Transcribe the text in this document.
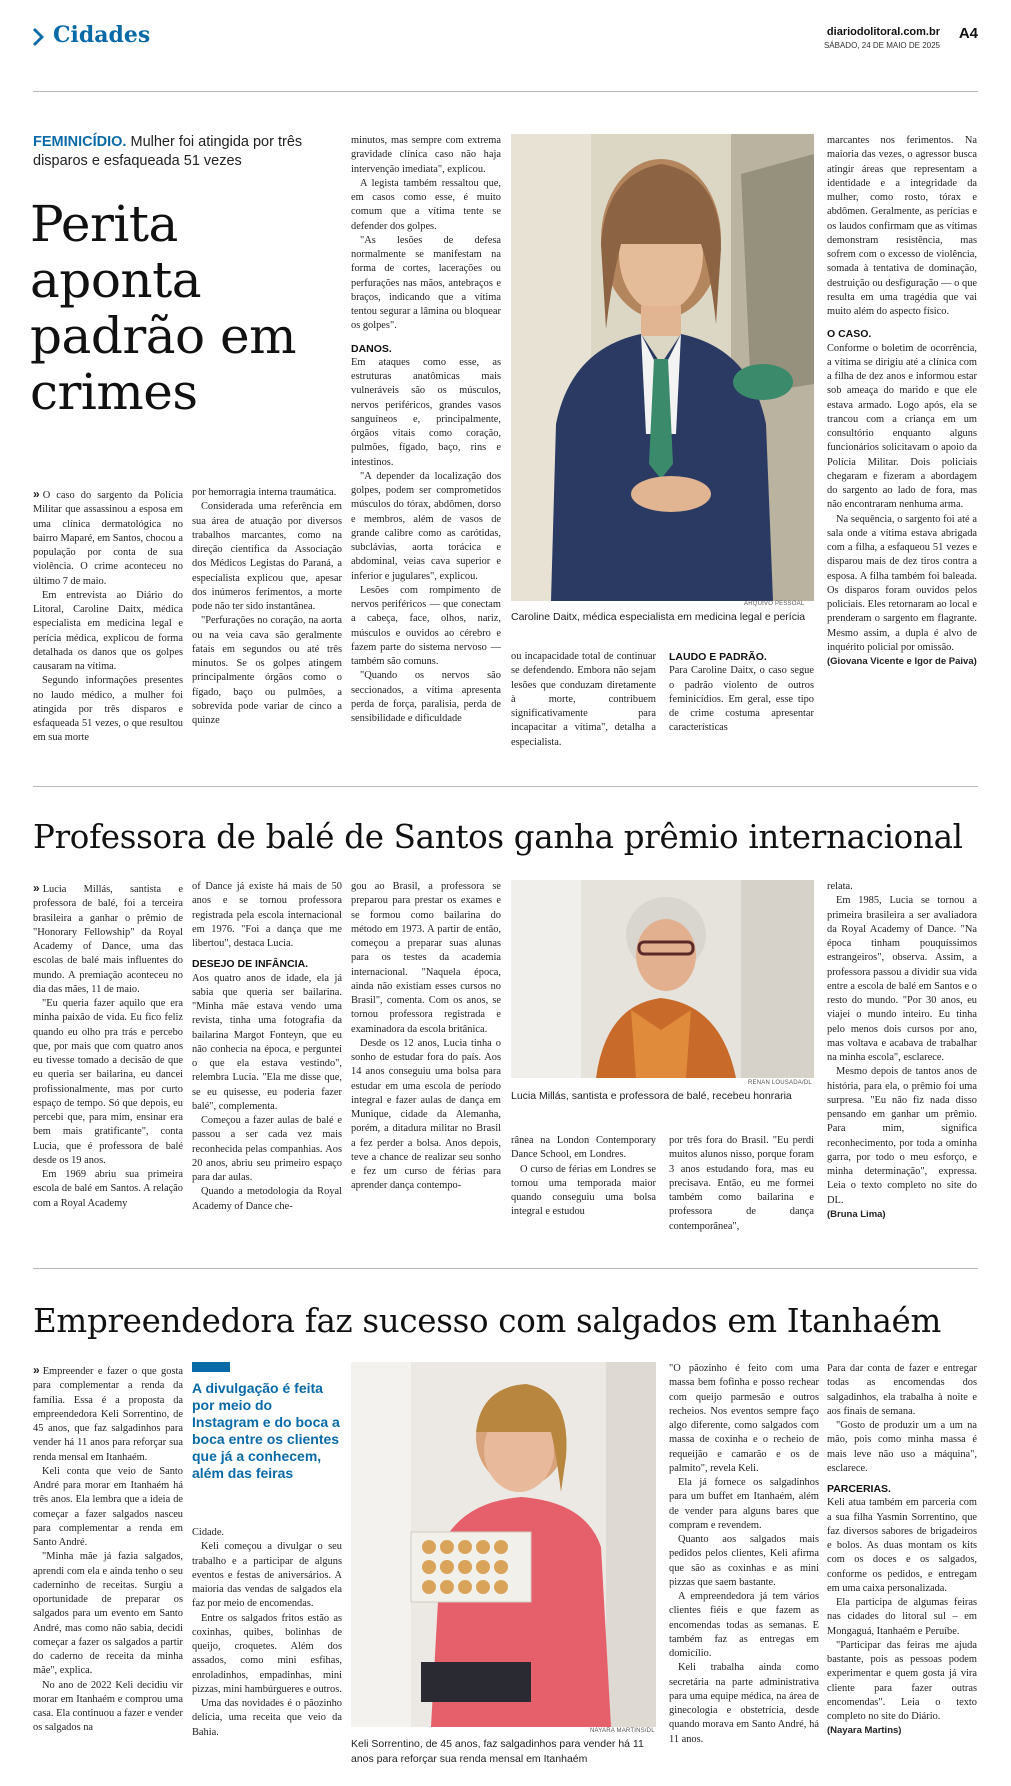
Cidades	diariodolitoral.com.br
SÁBADO, 24 DE MAIO DE 2025
A4
FEMINICÍDIO. Mulher foi atingida por três
disparos e esfaqueada 51 vezes
Perita
aponta
padrão em
crimes

» O caso do sargento da Polícia Militar que assassinou a esposa em uma clínica dermatológica no bairro Maparé, em Santos, chocou a população por conta de sua violência. O crime aconteceu no último 7 de maio.

Em entrevista ao Diário do Litoral, Caroline Daitx, médica especialista em medicina legal e perícia médica, explicou de forma detalhada os danos que os golpes causaram na vítima.

Segundo informações presentes no laudo médico, a mulher foi atingida por três disparos e esfaqueada 51 vezes, o que resultou em sua morte

por hemorragia interna traumática.

Considerada uma referência em sua área de atuação por diversos trabalhos marcantes, como na direção científica da Associação dos Médicos Legistas do Paraná, a especialista explicou que, apesar dos inúmeros ferimentos, a morte pode não ter sido instantânea.

"Perfurações no coração, na aorta ou na veia cava são geralmente fatais em segundos ou até três minutos. Se os golpes atingem principalmente órgãos como o fígado, baço ou pulmões, a sobrevida pode variar de cinco a quinze

minutos, mas sempre com extrema gravidade clínica caso não haja intervenção imediata", explicou.

A legista também ressaltou que, em casos como esse, é muito comum que a vítima tente se defender dos golpes.

"As lesões de defesa normalmente se manifestam na forma de cortes, lacerações ou perfurações nas mãos, antebraços e braços, indicando que a vítima tentou segurar a lâmina ou bloquear os golpes".

DANOS.

Em ataques como esse, as estruturas anatômicas mais vulneráveis são os músculos, nervos periféricos, grandes vasos sanguíneos e, principalmente, órgãos vitais como coração, pulmões, fígado, baço, rins e intestinos.

"A depender da localização dos golpes, podem ser comprometidos músculos do tórax, abdômen, dorso e membros, além de vasos de grande calibre como as carótidas, subclávias, aorta torácica e abdominal, veias cava superior e inferior e jugulares", explicou.

Lesões com rompimento de nervos periféricos — que conectam a cabeça, face, olhos, nariz, músculos e ouvidos ao cérebro e fazem parte do sistema nervoso — também são comuns.

"Quando os nervos são seccionados, a vítima apresenta perda de força, paralisia, perda de sensibilidade e dificuldade

ARQUIVO PESSOAL
Caroline Daitx, médica especialista em medicina legal e perícia

ou incapacidade total de continuar se defendendo. Embora não sejam lesões que conduzam diretamente à morte, contribuem significativamente para incapacitar a vítima", detalha a especialista.

LAUDO E PADRÃO.

Para Caroline Daitx, o caso segue o padrão violento de outros feminicídios. Em geral, esse tipo de crime costuma apresentar características

marcantes nos ferimentos. Na maioria das vezes, o agressor busca atingir áreas que representam a identidade e a integridade da mulher, como rosto, tórax e abdômen. Geralmente, as perícias e os laudos confirmam que as vítimas demonstram resistência, mas sofrem com o excesso de violência, somada à tentativa de dominação, destruição ou desfiguração — o que resulta em uma tragédia que vai muito além do aspecto físico.

O CASO.

Conforme o boletim de ocorrência, a vítima se dirigiu até a clínica com a filha de dez anos e informou estar sob ameaça do marido e que ele estava armado. Logo após, ela se trancou com a criança em um consultório enquanto alguns funcionários solicitavam o apoio da Polícia Militar. Dois policiais chegaram e fizeram a abordagem do sargento ao lado de fora, mas não encontraram nenhuma arma.

Na sequência, o sargento foi até a sala onde a vítima estava abrigada com a filha, a esfaqueou 51 vezes e disparou mais de dez tiros contra a esposa. A filha também foi baleada. Os disparos foram ouvidos pelos policiais. Eles retornaram ao local e prenderam o sargento em flagrante. Mesmo assim, a dupla é alvo de inquérito policial por omissão.

(Giovana Vicente e Igor de Paiva)

Professora de balé de Santos ganha prêmio internacional

» Lucia Millás, santista e professora de balé, foi a terceira brasileira a ganhar o prêmio de "Honorary Fellowship" da Royal Academy of Dance, uma das escolas de balé mais influentes do mundo. A premiação aconteceu no dia das mães, 11 de maio.

"Eu queria fazer aquilo que era minha paixão de vida. Eu fico feliz quando eu olho pra trás e percebo que, por mais que com quatro anos eu tivesse tomado a decisão de que eu queria ser bailarina, eu dancei profissionalmente, mas por curto espaço de tempo. Só que depois, eu percebi que, para mim, ensinar era bem mais gratificante", conta Lucia, que é professora de balé desde os 19 anos.

Em 1969 abriu sua primeira escola de balé em Santos. A relação com a Royal Academy

of Dance já existe há mais de 50 anos e se tornou professora registrada pela escola internacional em 1976. "Foi a dança que me libertou", destaca Lucia.

DESEJO DE INFÂNCIA.

Aos quatro anos de idade, ela já sabia que queria ser bailarina. "Minha mãe estava vendo uma revista, tinha uma fotografia da bailarina Margot Fonteyn, que eu não conhecia na época, e perguntei o que ela estava vestindo", relembra Lucia. "Ela me disse que, se eu quisesse, eu poderia fazer balé", complementa.

Começou a fazer aulas de balé e passou a ser cada vez mais reconhecida pelas companhias. Aos 20 anos, abriu seu primeiro espaço para dar aulas.

Quando a metodologia da Royal Academy of Dance che-

gou ao Brasil, a professora se preparou para prestar os exames e se formou como bailarina do método em 1973. A partir de então, começou a preparar suas alunas para os testes da academia internacional. "Naquela época, ainda não existiam esses cursos no Brasil", comenta. Com os anos, se tornou professora registrada e examinadora da escola britânica.

Desde os 12 anos, Lucia tinha o sonho de estudar fora do país. Aos 14 anos conseguiu uma bolsa para estudar em uma escola de período integral e fazer aulas de dança em Munique, cidade da Alemanha, porém, a ditadura militar no Brasil a fez perder a bolsa. Anos depois, teve a chance de realizar seu sonho e fez um curso de férias para aprender dança contempo-

RENAN LOUSADA/DL
Lucia Millás, santista e professora de balé, recebeu honraria

rânea na London Contemporary Dance School, em Londres.

O curso de férias em Londres se tornou uma temporada maior quando conseguiu uma bolsa integral e estudou

por três fora do Brasil. "Eu perdi muitos alunos nisso, porque foram 3 anos estudando fora, mas eu precisava. Então, eu me formei também como bailarina e professora de dança contemporânea",

relata.

Em 1985, Lucia se tornou a primeira brasileira a ser avaliadora da Royal Academy of Dance. "Na época tinham pouquíssimos estrangeiros", observa. Assim, a professora passou a dividir sua vida entre a escola de balé em Santos e o resto do mundo. "Por 30 anos, eu viajei o mundo inteiro. Eu tinha pelo menos dois cursos por ano, mas voltava e acabava de trabalhar na minha escola", esclarece.

Mesmo depois de tantos anos de história, para ela, o prêmio foi uma surpresa. "Eu não fiz nada disso pensando em ganhar um prêmio. Para mim, significa reconhecimento, por toda a ominha garra, por todo o meu esforço, e minha determinação", expressa. Leia o texto completo no site do DL.

(Bruna Lima)

Empreendedora faz sucesso com salgados em Itanhaém

» Empreender e fazer o que gosta para complementar a renda da família. Essa é a proposta da empreendedora Keli Sorrentino, de 45 anos, que faz salgadinhos para vender há 11 anos para reforçar sua renda mensal em Itanhaém.

Keli conta que veio de Santo André para morar em Itanhaém há três anos. Ela lembra que a ideia de começar a fazer salgados nasceu para complementar a renda em Santo André.

"Minha mãe já fazia salgados, aprendi com ela e ainda tenho o seu caderninho de receitas. Surgiu a oportunidade de preparar os salgados para um evento em Santo André, mas como não sabia, decidi começar a fazer os salgados a partir do caderno de receita da minha mãe", explica.

No ano de 2022 Keli decidiu vir morar em Itanhaém e comprou uma casa. Ela continuou a fazer e vender os salgados na

A divulgação é feita por meio do Instagram e do boca a boca entre os clientes que já a conhecem, além das feiras

Cidade.

Keli começou a divulgar o seu trabalho e a participar de alguns eventos e festas de aniversários. A maioria das vendas de salgados ela faz por meio de encomendas.

Entre os salgados fritos estão as coxinhas, quibes, bolinhas de queijo, croquetes. Além dos assados, como mini esfihas, enroladinhos, empadinhas, mini pizzas, mini hambúrgueres e outros.

Uma das novidades é o pãozinho delícia, uma receita que veio da Bahia.	NAYARA MARTINS/DL
Keli Sorrentino, de 45 anos, faz salgadinhos para vender há 11
anos para reforçar sua renda mensal em Itanhaém

"O pãozinho é feito com uma massa bem fofinha e posso rechear com queijo parmesão e outros recheios. Nos eventos sempre faço algo diferente, como salgados com massa de coxinha e o recheio de requeijão e camarão e os de palmito", revela Keli.

Ela já fornece os salgadinhos para um buffet em Itanhaém, além de vender para alguns bares que compram e revendem.

Quanto aos salgados mais pedidos pelos clientes, Keli afirma que são as coxinhas e as mini pizzas que saem bastante.

A empreendedora já tem vários clientes fiéis e que fazem as encomendas todas as semanas. E também faz as entregas em domicílio.

Keli trabalha ainda como secretária na parte administrativa para uma equipe médica, na área de ginecologia e obstetrícia, desde quando morava em Santo André, há 11 anos.

Para dar conta de fazer e entregar todas as encomendas dos salgadinhos, ela trabalha à noite e aos finais de semana.

"Gosto de produzir um a um na mão, pois como minha massa é mais leve não uso a máquina", esclarece.

PARCERIAS.

Keli atua também em parceria com a sua filha Yasmin Sorrentino, que faz diversos sabores de brigadeiros e bolos. As duas montam os kits com os doces e os salgados, conforme os pedidos, e entregam em uma caixa personalizada.

Ela participa de algumas feiras nas cidades do litoral sul – em Mongaguá, Itanhaém e Peruíbe.

"Participar das feiras me ajuda bastante, pois as pessoas podem experimentar e quem gosta já vira cliente para fazer outras encomendas". Leia o texto completo no site do Diário.

(Nayara Martins)
